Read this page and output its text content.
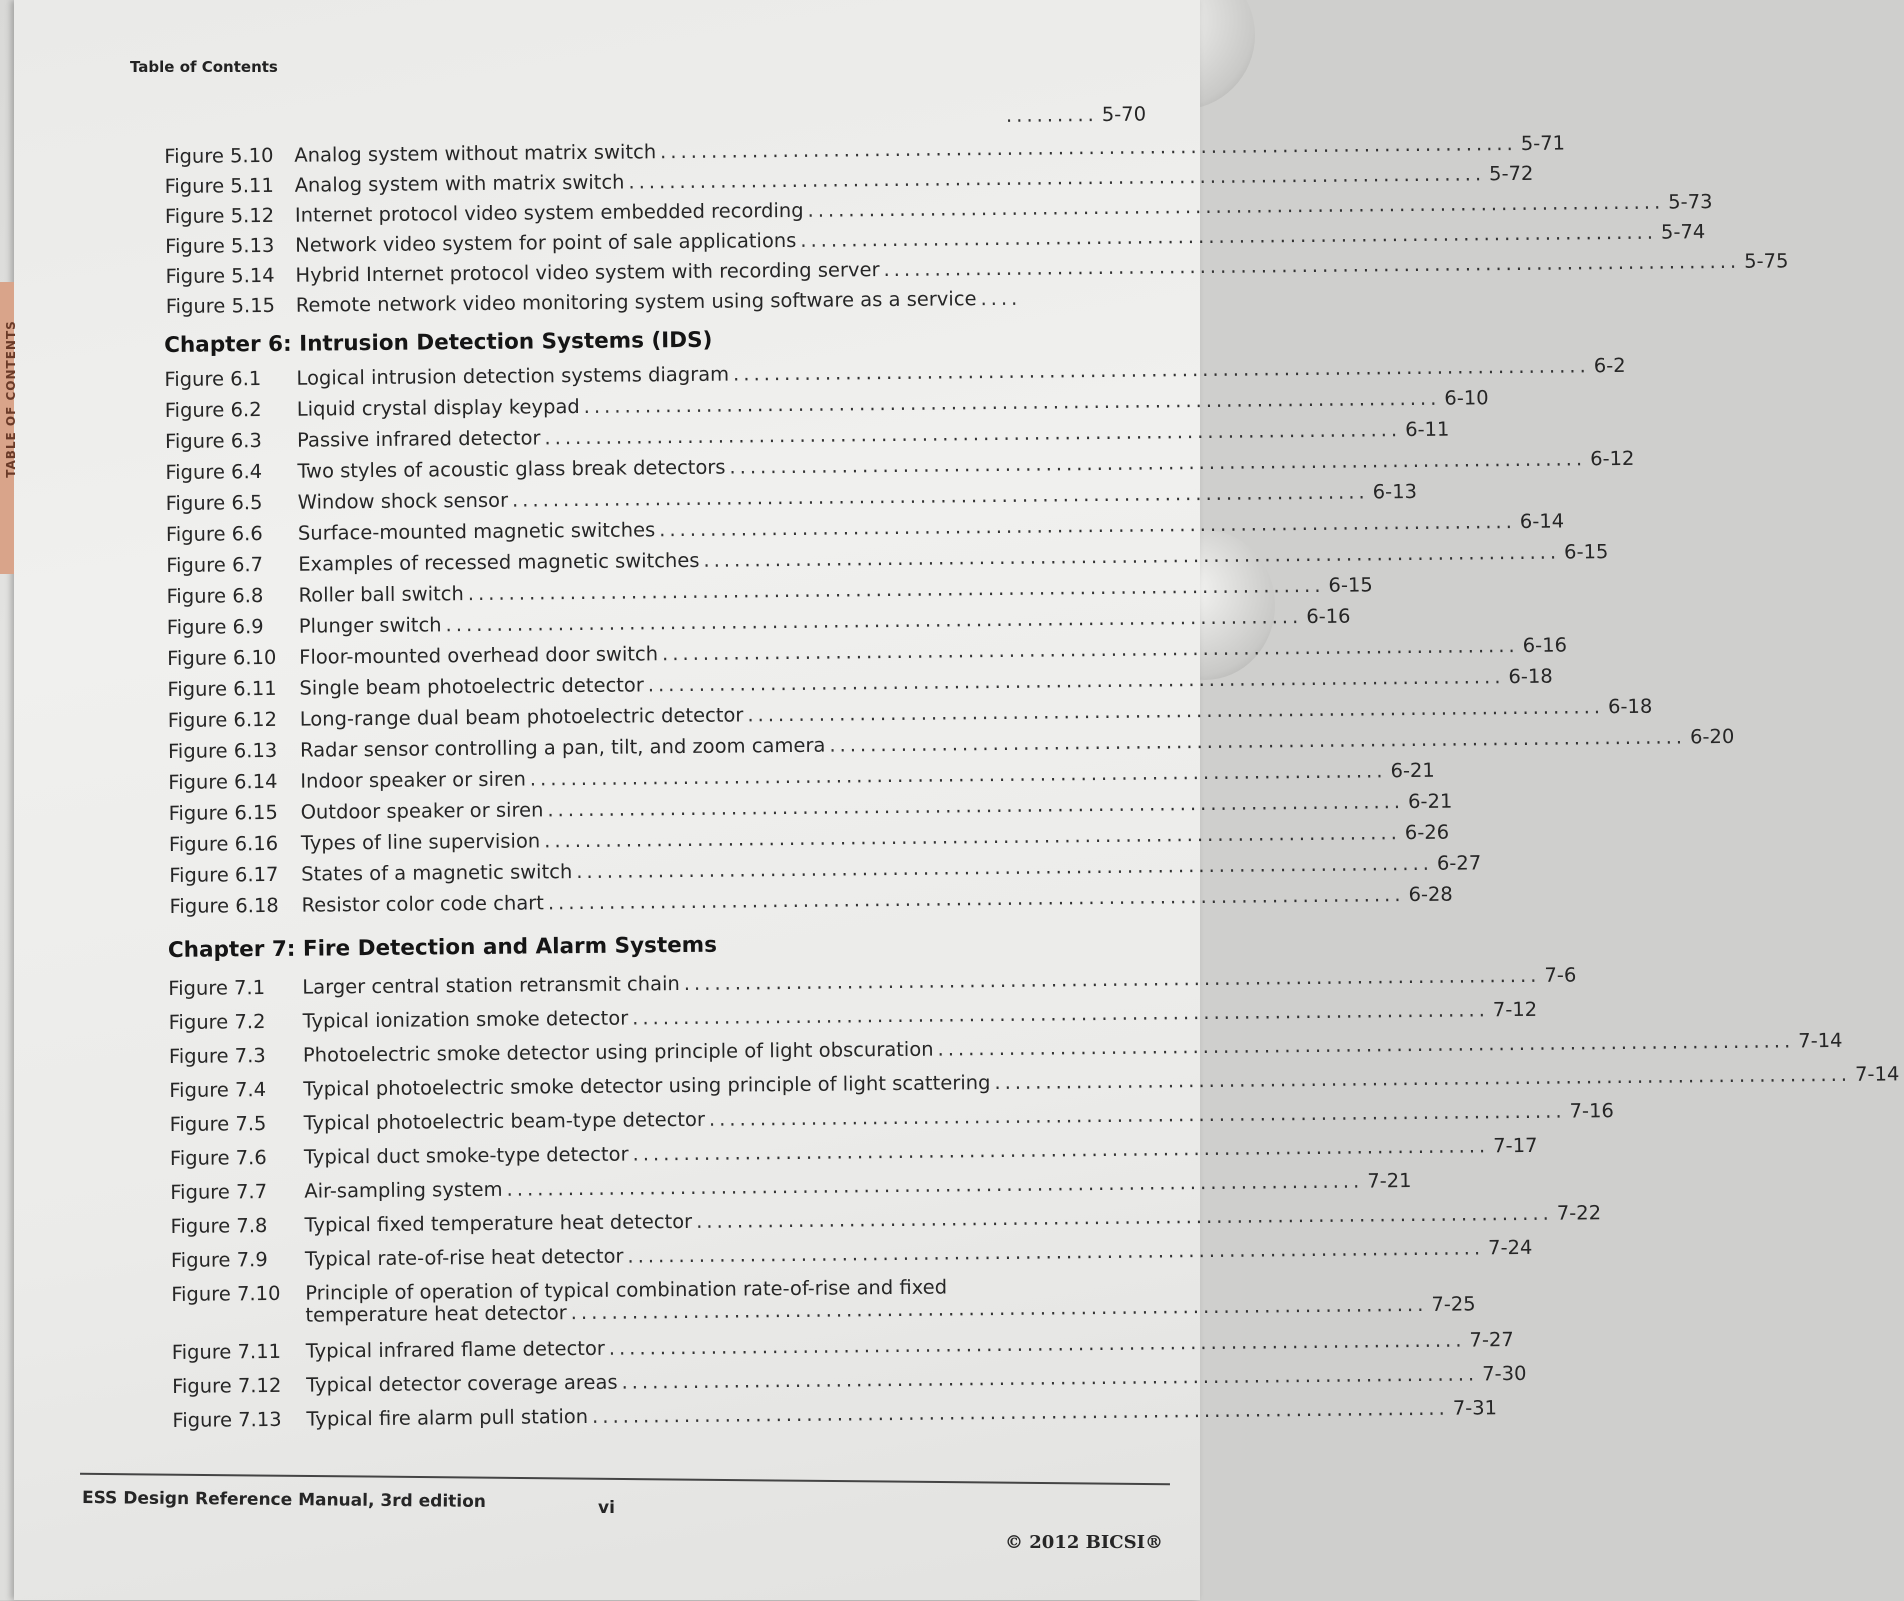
TABLE OF CONTENTS
Table of Contents
......... 5-70
Figure 5.10	Analog system without matrix switch .................................................................................... 5-71
Figure 5.11	Analog system with matrix switch .................................................................................... 5-72
Figure 5.12	Internet protocol video system embedded recording .................................................................................... 5-73
Figure 5.13	Network video system for point of sale applications .................................................................................... 5-74
Figure 5.14	Hybrid Internet protocol video system with recording server .................................................................................... 5-75
Figure 5.15	Remote network video monitoring system using software as a service ....
Chapter 6: Intrusion Detection Systems (IDS)
Figure 6.1	Logical intrusion detection systems diagram .................................................................................... 6-2
Figure 6.2	Liquid crystal display keypad .................................................................................... 6-10
Figure 6.3	Passive infrared detector .................................................................................... 6-11
Figure 6.4	Two styles of acoustic glass break detectors .................................................................................... 6-12
Figure 6.5	Window shock sensor .................................................................................... 6-13
Figure 6.6	Surface-mounted magnetic switches .................................................................................... 6-14
Figure 6.7	Examples of recessed magnetic switches .................................................................................... 6-15
Figure 6.8	Roller ball switch .................................................................................... 6-15
Figure 6.9	Plunger switch .................................................................................... 6-16
Figure 6.10	Floor-mounted overhead door switch .................................................................................... 6-16
Figure 6.11	Single beam photoelectric detector .................................................................................... 6-18
Figure 6.12	Long-range dual beam photoelectric detector .................................................................................... 6-18
Figure 6.13	Radar sensor controlling a pan, tilt, and zoom camera .................................................................................... 6-20
Figure 6.14	Indoor speaker or siren .................................................................................... 6-21
Figure 6.15	Outdoor speaker or siren .................................................................................... 6-21
Figure 6.16	Types of line supervision .................................................................................... 6-26
Figure 6.17	States of a magnetic switch .................................................................................... 6-27
Figure 6.18	Resistor color code chart .................................................................................... 6-28
Chapter 7: Fire Detection and Alarm Systems
Figure 7.1	Larger central station retransmit chain .................................................................................... 7-6
Figure 7.2	Typical ionization smoke detector .................................................................................... 7-12
Figure 7.3	Photoelectric smoke detector using principle of light obscuration .................................................................................... 7-14
Figure 7.4	Typical photoelectric smoke detector using principle of light scattering .................................................................................... 7-14
Figure 7.5	Typical photoelectric beam-type detector .................................................................................... 7-16
Figure 7.6	Typical duct smoke-type detector .................................................................................... 7-17
Figure 7.7	Air-sampling system .................................................................................... 7-21
Figure 7.8	Typical fixed temperature heat detector .................................................................................... 7-22
Figure 7.9	Typical rate-of-rise heat detector .................................................................................... 7-24
Figure 7.10	Principle of operation of typical combination rate-of-rise and fixed
temperature heat detector .................................................................................... 7-25
Figure 7.11	Typical infrared flame detector .................................................................................... 7-27
Figure 7.12	Typical detector coverage areas .................................................................................... 7-30
Figure 7.13	Typical fire alarm pull station .................................................................................... 7-31
ESS Design Reference Manual, 3rd edition	vi
© 2012 BICSI®
